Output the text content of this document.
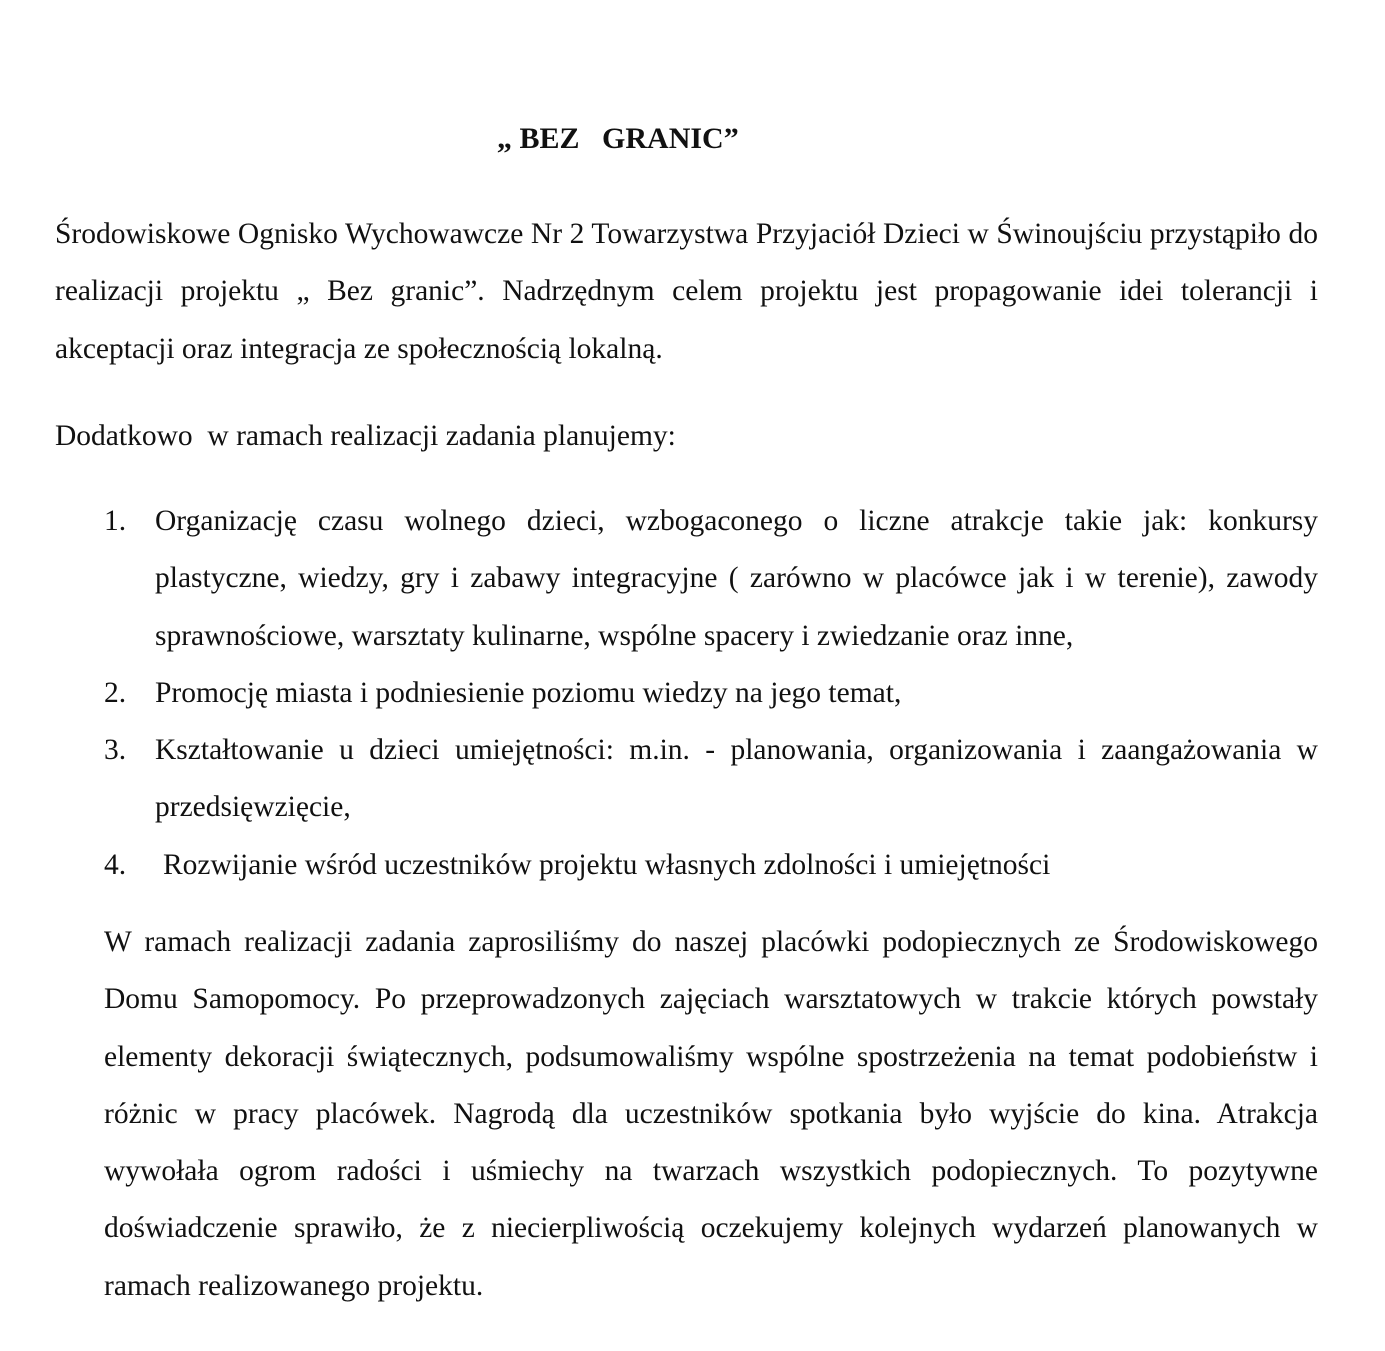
„ BEZ   GRANIC”

Środowiskowe Ognisko Wychowawcze Nr 2 Towarzystwa Przyjaciół Dzieci w Świnoujściu przystąpiło do realizacji projektu „ Bez granic”. Nadrzędnym celem projektu jest propagowanie idei tolerancji i akceptacji oraz integracja ze społecznością lokalną.

Dodatkowo  w ramach realizacji zadania planujemy:
1. Organizację czasu wolnego dzieci, wzbogaconego o liczne atrakcje takie jak: konkursy plastyczne, wiedzy, gry i zabawy integracyjne ( zarówno w placówce jak i w terenie), zawody sprawnościowe, warsztaty kulinarne, wspólne spacery i zwiedzanie oraz inne,
2. Promocję miasta i podniesienie poziomu wiedzy na jego temat,
3. Kształtowanie u dzieci umiejętności: m.in. - planowania, organizowania i zaangażowania w przedsięwzięcie,
4. Rozwijanie wśród uczestników projektu własnych zdolności i umiejętności

W ramach realizacji zadania zaprosiliśmy do naszej placówki podopiecznych ze Środowiskowego Domu Samopomocy. Po przeprowadzonych zajęciach warsztatowych w trakcie których powstały elementy dekoracji świątecznych, podsumowaliśmy wspólne spostrzeżenia na temat podobieństw i różnic w pracy placówek. Nagrodą dla uczestników spotkania było wyjście do kina. Atrakcja wywołała ogrom radości i uśmiechy na twarzach wszystkich podopiecznych. To pozytywne doświadczenie sprawiło, że z niecierpliwością oczekujemy kolejnych wydarzeń planowanych w ramach realizowanego projektu.
